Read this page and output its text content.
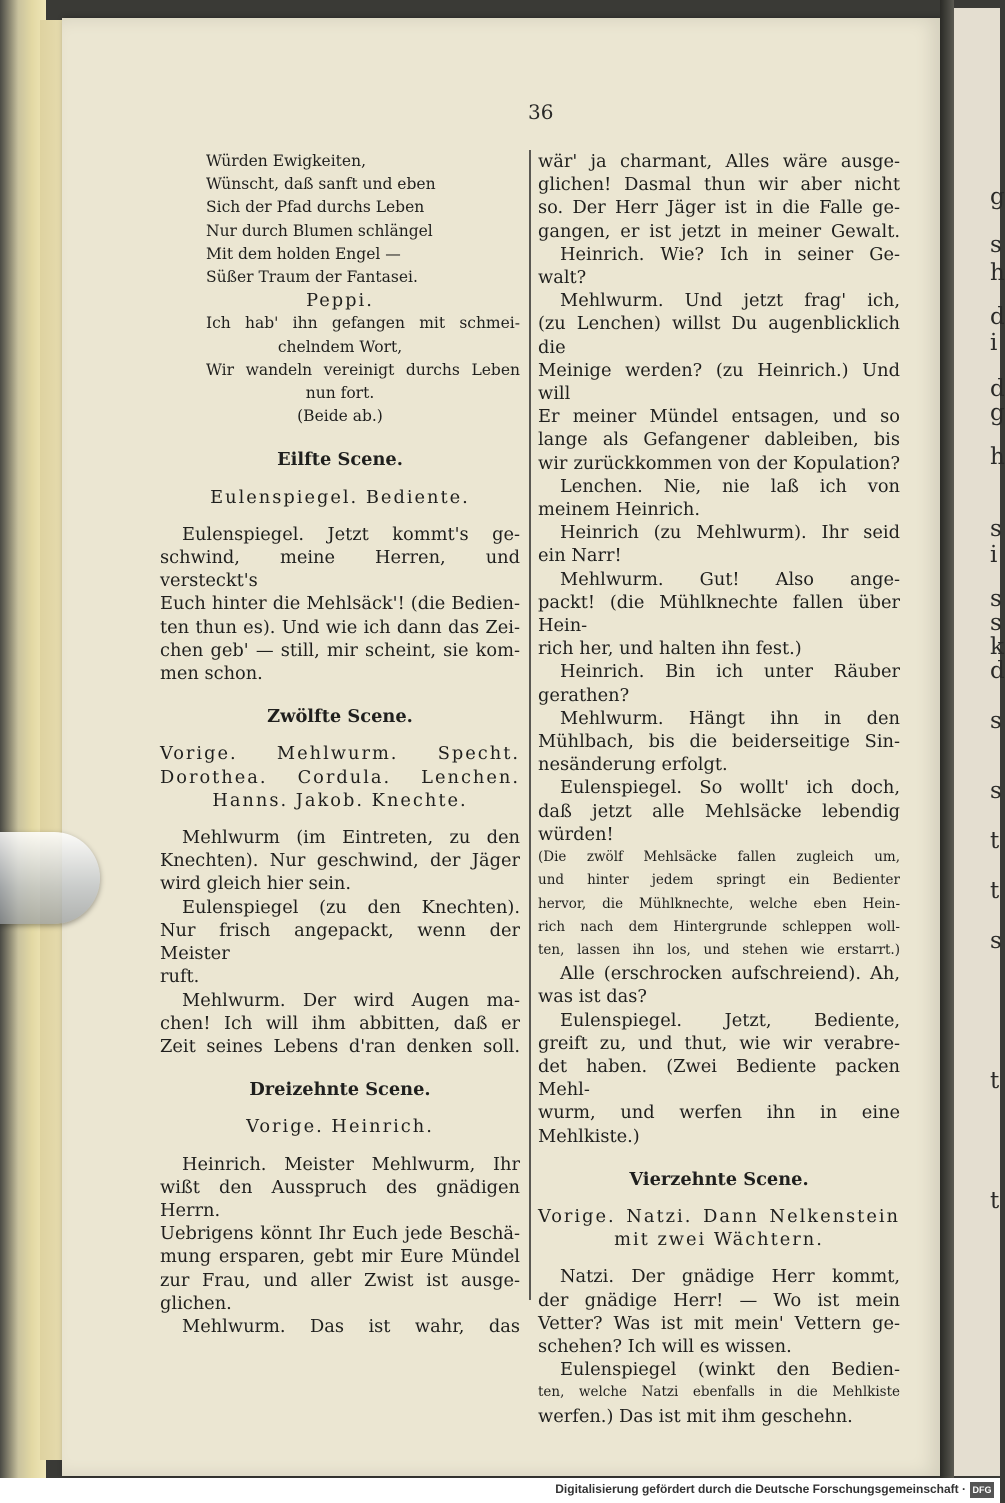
g
s
h
d
i
d
g
h
s
i
s
s
k
d
s
s
t
t
s
t
t
36

Würden Ewigkeiten,

Wünscht, daß sanft und eben

Sich der Pfad durchs Leben

Nur durch Blumen schlängel

Mit dem holden Engel —

Süßer Traum der Fantasei.

Peppi.

Ich hab' ihn gefangen mit schmei-

chelndem Wort,

Wir wandeln vereinigt durchs Leben

nun fort.

(Beide ab.)

Eilfte Scene.

Eulenspiegel. Bediente.

Eulenspiegel. Jetzt kommt's ge-

schwind, meine Herren, und versteckt's

Euch hinter die Mehlsäck'! (die Bedien-

ten thun es). Und wie ich dann das Zei-

chen geb' — still, mir scheint, sie kom-

men schon.

Zwölfte Scene.

Vorige. Mehlwurm. Specht.

Dorothea. Cordula. Lenchen.

Hanns. Jakob. Knechte.

Mehlwurm (im Eintreten, zu den

Knechten). Nur geschwind, der Jäger

wird gleich hier sein.

Eulenspiegel (zu den Knechten).

Nur frisch angepackt, wenn der Meister

ruft.

Mehlwurm. Der wird Augen ma-

chen! Ich will ihm abbitten, daß er

Zeit seines Lebens d'ran denken soll.

Dreizehnte Scene.

Vorige. Heinrich.

Heinrich. Meister Mehlwurm, Ihr

wißt den Ausspruch des gnädigen Herrn.

Uebrigens könnt Ihr Euch jede Beschä-

mung ersparen, gebt mir Eure Mündel

zur Frau, und aller Zwist ist ausge-

glichen.

Mehlwurm. Das ist wahr, das

wär' ja charmant, Alles wäre ausge-

glichen! Dasmal thun wir aber nicht

so. Der Herr Jäger ist in die Falle ge-

gangen, er ist jetzt in meiner Gewalt.

Heinrich. Wie? Ich in seiner Ge-

walt?

Mehlwurm. Und jetzt frag' ich,

(zu Lenchen) willst Du augenblicklich die

Meinige werden? (zu Heinrich.) Und will

Er meiner Mündel entsagen, und so

lange als Gefangener dableiben, bis

wir zurückkommen von der Kopulation?

Lenchen. Nie, nie laß ich von

meinem Heinrich.

Heinrich (zu Mehlwurm). Ihr seid

ein Narr!

Mehlwurm. Gut! Also ange-

packt! (die Mühlknechte fallen über Hein-

rich her, und halten ihn fest.)

Heinrich. Bin ich unter Räuber

gerathen?

Mehlwurm. Hängt ihn in den

Mühlbach, bis die beiderseitige Sin-

nesänderung erfolgt.

Eulenspiegel. So wollt' ich doch,

daß jetzt alle Mehlsäcke lebendig würden!

(Die zwölf Mehlsäcke fallen zugleich um,

und hinter jedem springt ein Bedienter

hervor, die Mühlknechte, welche eben Hein-

rich nach dem Hintergrunde schleppen woll-

ten, lassen ihn los, und stehen wie erstarrt.)

Alle (erschrocken aufschreiend). Ah,

was ist das?

Eulenspiegel. Jetzt, Bediente,

greift zu, und thut, wie wir verabre-

det haben. (Zwei Bediente packen Mehl-

wurm, und werfen ihn in eine Mehlkiste.)

Vierzehnte Scene.

Vorige. Natzi. Dann Nelkenstein

mit zwei Wächtern.

Natzi. Der gnädige Herr kommt,

der gnädige Herr! — Wo ist mein

Vetter? Was ist mit mein' Vettern ge-

schehen? Ich will es wissen.

Eulenspiegel (winkt den Bedien-

ten, welche Natzi ebenfalls in die Mehlkiste

werfen.) Das ist mit ihm geschehn.

Digitalisierung gefördert durch die Deutsche Forschungsgemeinschaft · DFG
